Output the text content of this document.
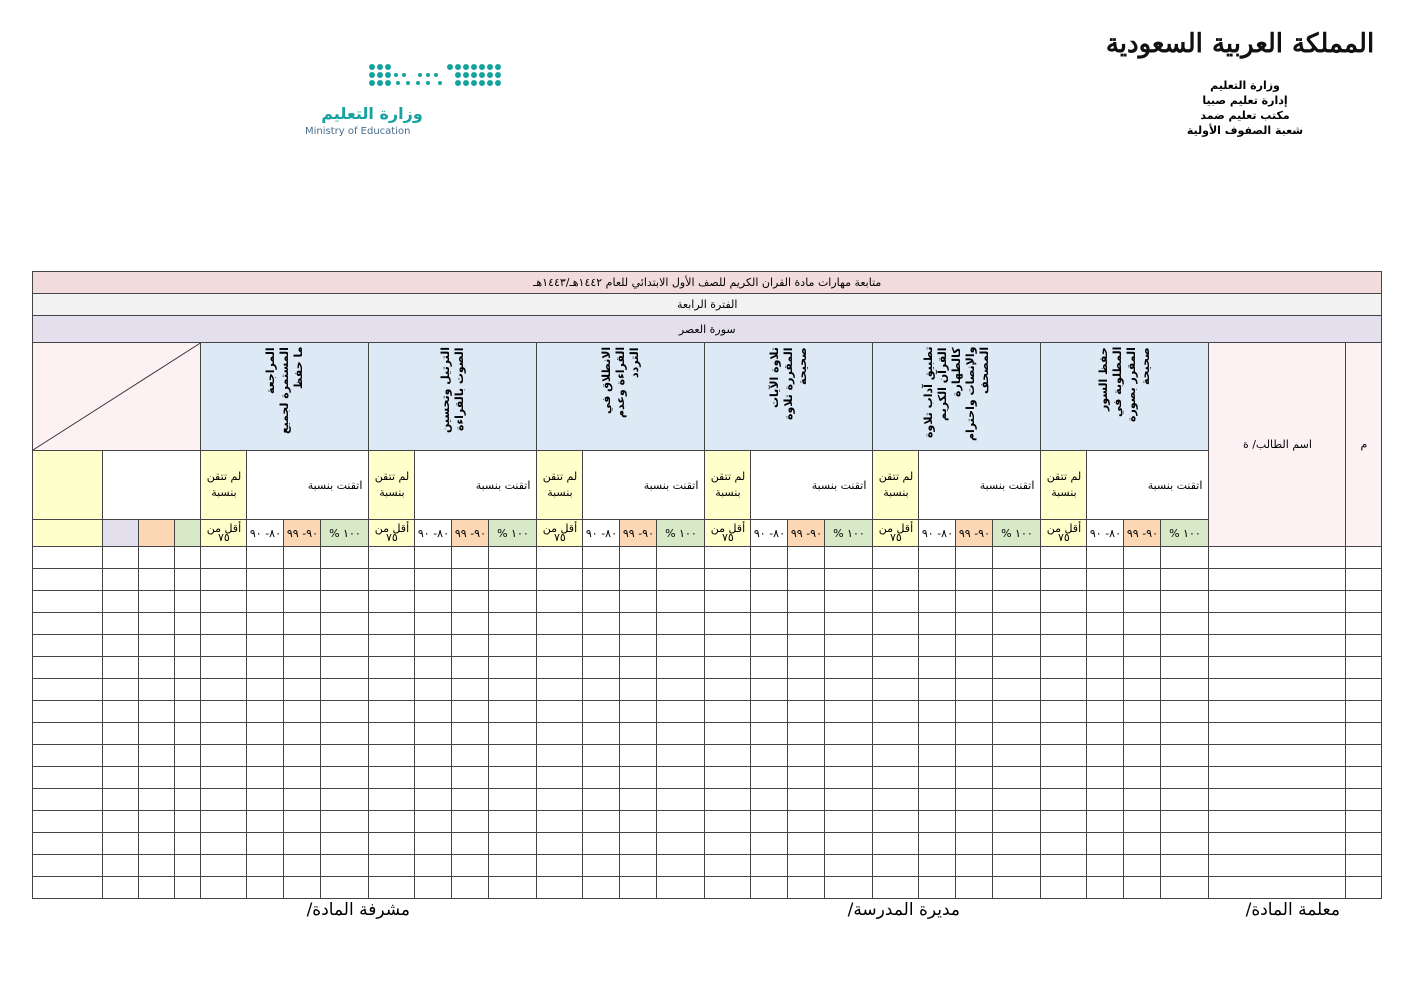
المملكة العربية السعودية
وزارة التعليم
إدارة تعليم صبيا
مكتب تعليم ضمد
شعبة الصفوف الأولية
وزارة التعليم
Ministry of Education
متابعة مهارات مادة القران الكريم للصف الأول الابتدائي للعام ١٤٤٢هـ/١٤٤٣هـ																													
الفترة الرابعة																													
سورة العصر																													
م	اسم الطالب/ ة	حفظ السور المطلوبة في المقرر بصورة صحيحة				تطبيق آداب تلاوة القرآن الكريم كالطهارة والإنصات واحترام المصحف				تلاوة الآيات المقررة تلاوة صحيحة				الانطلاق في القراءة وعدم التردد				الترتيل وتحسين الصوت بالقراءة				المراجعة المستمرة لجميع ما حفظ

		اتقنت بنسبة			لم تتقن بنسبة	اتقنت بنسبة			لم تتقن بنسبة	اتقنت بنسبة			لم تتقن بنسبة	اتقنت بنسبة			لم تتقن بنسبة	اتقنت بنسبة			لم تتقن بنسبة	اتقنت بنسبة			لم تتقن بنسبة				
		١٠٠ %	٩٠- ٩٩	٨٠- ٩٠	أقل من ٧٥	١٠٠ %	٩٠- ٩٩	٨٠- ٩٠	أقل من ٧٥	١٠٠ %	٩٠- ٩٩	٨٠- ٩٠	أقل من ٧٥	١٠٠ %	٩٠- ٩٩	٨٠- ٩٠	أقل من ٧٥	١٠٠ %	٩٠- ٩٩	٨٠- ٩٠	أقل من ٧٥	١٠٠ %	٩٠- ٩٩	٨٠- ٩٠	أقل من ٧٥				

معلمة المادة/
مديرة المدرسة/
مشرفة المادة/
